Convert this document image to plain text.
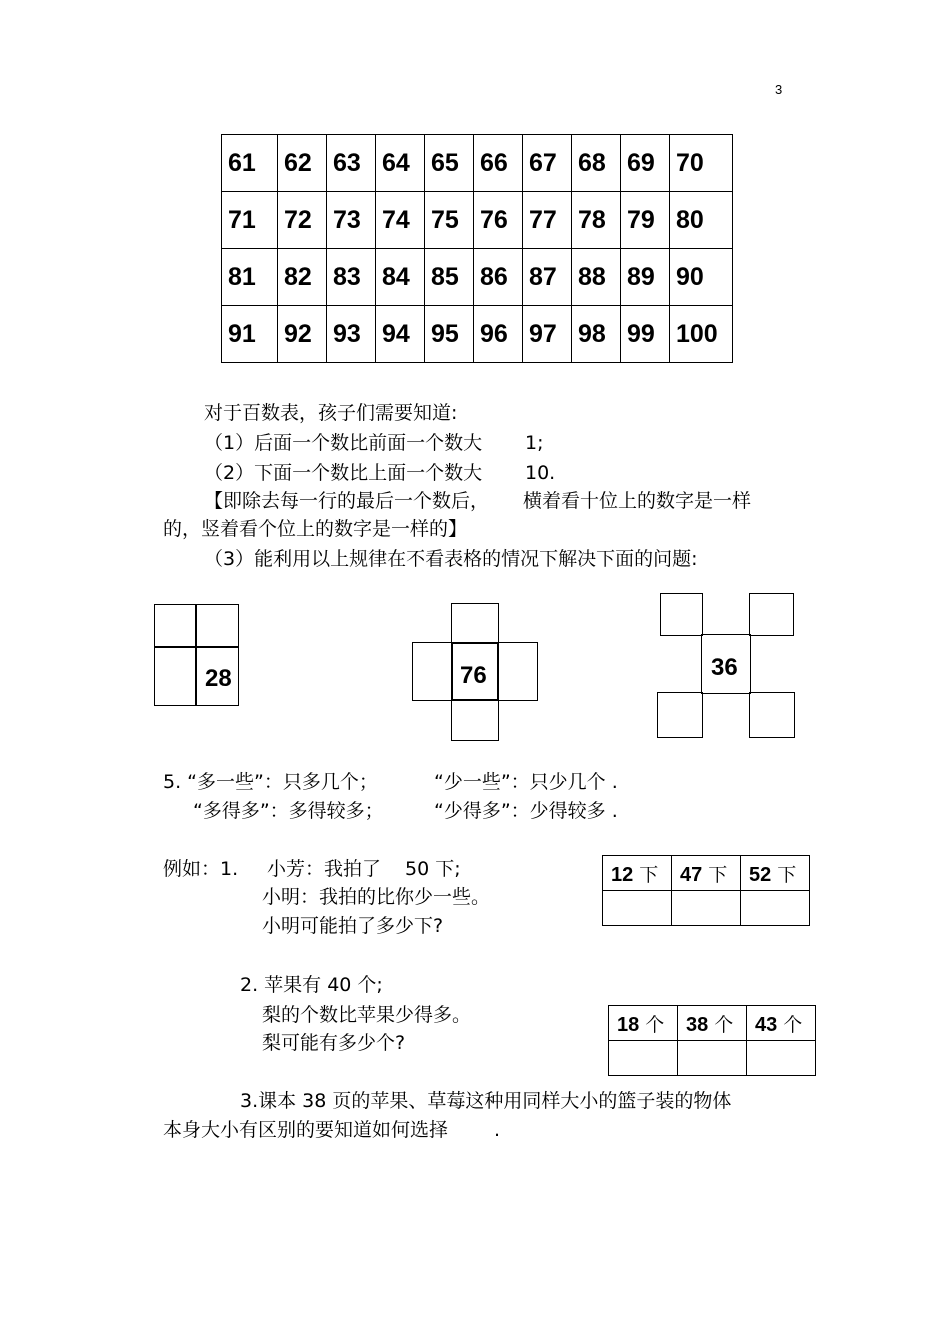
3
61	62	63	64	65	66	67	68	69	70
71	72	73	74	75	76	77	78	79	80
81	82	83	84	85	86	87	88	89	90
91	92	93	94	95	96	97	98	99	100
对于百数表，孩子们需要知道:
（1）后面一个数比前面一个数大 1;
（2）下面一个数比上面一个数大 10.
【即除去每一行的最后一个数后， 横着看十位上的数字是一样
的，竖着看个位上的数字是一样的】
（3）能利用以上规律在不看表格的情况下解决下面的问题:
28	76	36
5. “多一些”：只多几个；	“少一些”：只少几个 .
“多得多”：多得较多；	“少得多”：少得较多 .
例如：1. 小芳：我拍了 50 下;
小明：我拍的比你少一些。
小明可能拍了多少下?
12 下	47 下	52 下

2. 苹果有 40 个;
梨的个数比苹果少得多。
梨可能有多少个?
18 个	38 个	43 个

3.课本 38 页的苹果、草莓这种用同样大小的篮子装的物体
本身大小有区别的要知道如何选择 .
